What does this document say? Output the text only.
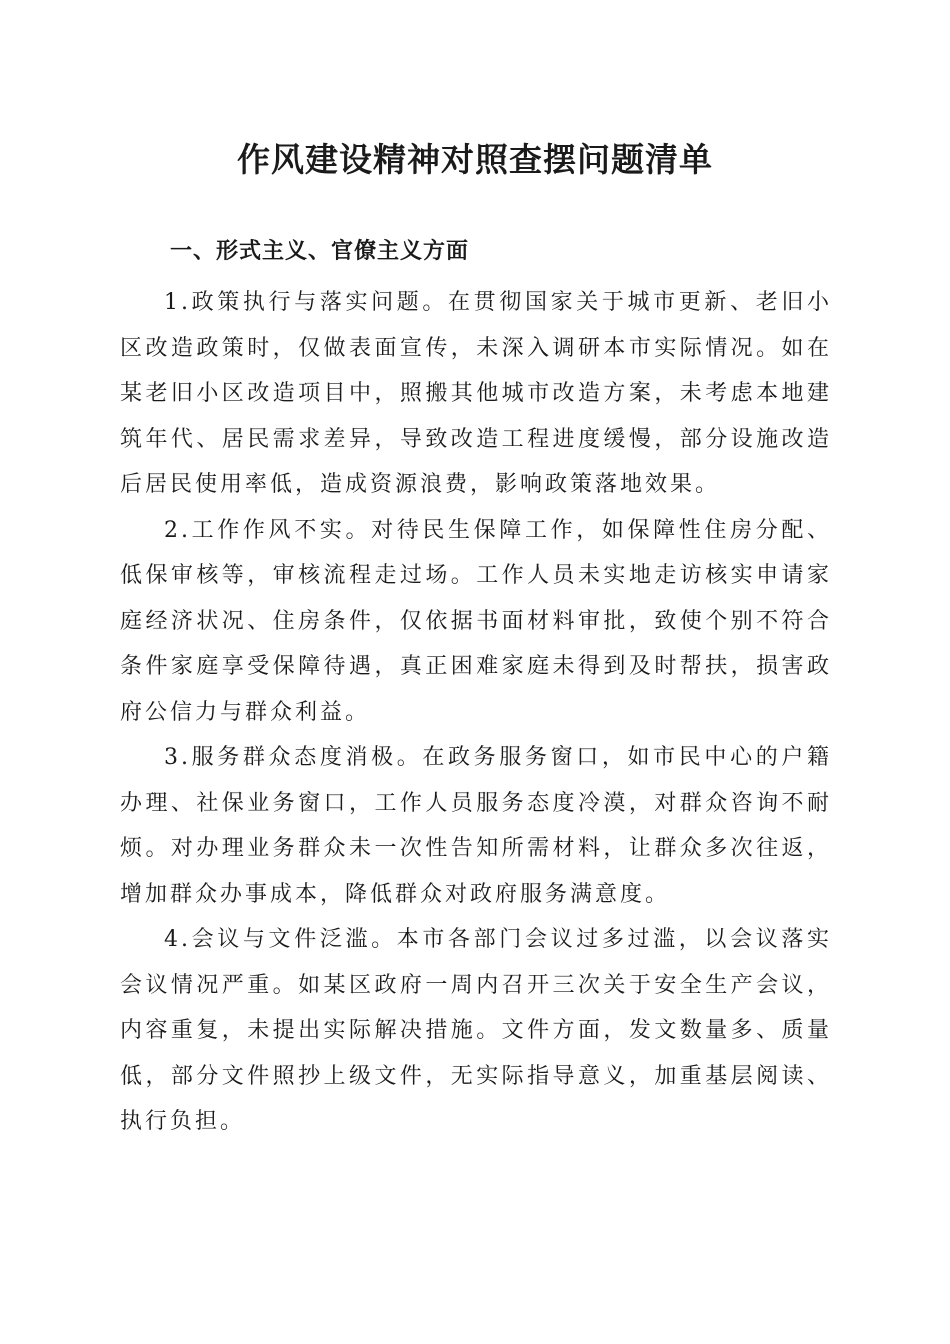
作风建设精神对照查摆问题清单
一、形式主义、官僚主义方面

1.政策执行与落实问题。在贯彻国家关于城市更新、老旧小区改造政策时，仅做表面宣传，未深入调研本市实际情况。如在某老旧小区改造项目中，照搬其他城市改造方案，未考虑本地建筑年代、居民需求差异，导致改造工程进度缓慢，部分设施改造后居民使用率低，造成资源浪费，影响政策落地效果。

2.工作作风不实。对待民生保障工作，如保障性住房分配、低保审核等，审核流程走过场。工作人员未实地走访核实申请家庭经济状况、住房条件，仅依据书面材料审批，致使个别不符合条件家庭享受保障待遇，真正困难家庭未得到及时帮扶，损害政府公信力与群众利益。

3.服务群众态度消极。在政务服务窗口，如市民中心的户籍办理、社保业务窗口，工作人员服务态度冷漠，对群众咨询不耐烦。对办理业务群众未一次性告知所需材料，让群众多次往返，增加群众办事成本，降低群众对政府服务满意度。

4.会议与文件泛滥。本市各部门会议过多过滥，以会议落实会议情况严重。如某区政府一周内召开三次关于安全生产会议，内容重复，未提出实际解决措施。文件方面，发文数量多、质量低，部分文件照抄上级文件，无实际指导意义，加重基层阅读、执行负担。
